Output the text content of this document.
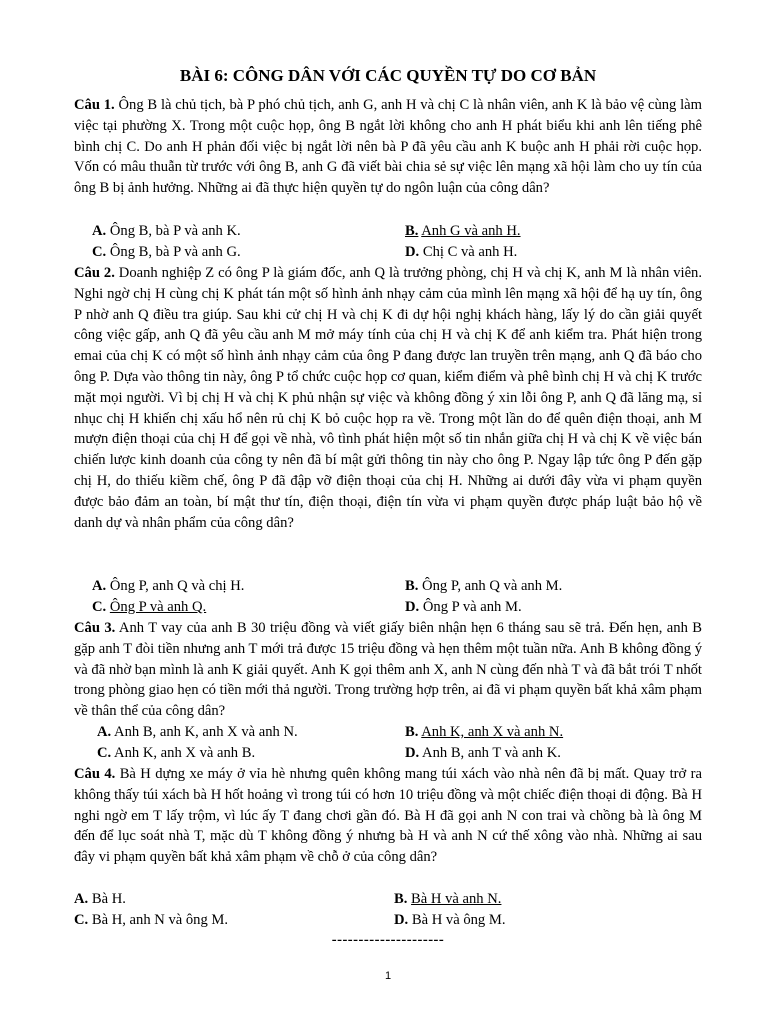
BÀI 6: CÔNG DÂN VỚI CÁC QUYỀN TỰ DO CƠ BẢN
Câu 1. Ông B là chủ tịch, bà P phó chủ tịch, anh G, anh H và chị C là nhân viên, anh K là bảo vệ cùng làm việc tại phường X. Trong một cuộc họp, ông B ngắt lời không cho anh H phát biểu khi anh lên tiếng phê bình chị C. Do anh H phản đối việc bị ngắt lời nên bà P đã yêu cầu anh K buộc anh H phải rời cuộc họp. Vốn có mâu thuẫn từ trước với ông B, anh G đã viết bài chia sẻ sự việc lên mạng xã hội làm cho uy tín của ông B bị ảnh hưởng. Những ai đã thực hiện quyền tự do ngôn luận của công dân?
A. Ông B, bà P và anh K.	B. Anh G và anh H.
C. Ông B, bà P và anh G.	D. Chị C và anh H.
Câu 2. Doanh nghiệp Z có ông P là giám đốc, anh Q là trưởng phòng, chị H và chị K, anh M là nhân viên. Nghi ngờ chị H cùng chị K phát tán một số hình ảnh nhạy cảm của mình lên mạng xã hội để hạ uy tín, ông P nhờ anh Q điều tra giúp. Sau khi cử chị H và chị K đi dự hội nghị khách hàng, lấy lý do cần giải quyết công việc gấp, anh Q đã yêu cầu anh M mở máy tính của chị H và chị K để anh kiểm tra. Phát hiện trong emai của chị K có một số hình ảnh nhạy cảm của ông P đang được lan truyền trên mạng, anh Q đã báo cho ông P. Dựa vào thông tin này, ông P tổ chức cuộc họp cơ quan, kiểm điểm và phê bình chị H và chị K trước mặt mọi người. Vì bị chị H và chị K phủ nhận sự việc và không đồng ý xin lỗi ông P, anh Q đã lăng mạ, sỉ nhục chị H khiến chị xấu hổ nên rủ chị K bỏ cuộc họp ra về. Trong một lần do để quên điện thoại, anh M mượn điện thoại của chị H để gọi về nhà, vô tình phát hiện một số tin nhắn giữa chị H và chị K về việc bán chiến lược kinh doanh của công ty nên đã bí mật gửi thông tin này cho ông P. Ngay lập tức ông P đến gặp chị H, do thiếu kiềm chế, ông P đã đập vỡ điện thoại của chị H. Những ai dưới đây vừa vi phạm quyền được bảo đảm an toàn, bí mật thư tín, điện thoại, điện tín vừa vi phạm quyền được pháp luật bảo hộ về danh dự và nhân phẩm của công dân?
A. Ông P, anh Q và chị H.	B. Ông P, anh Q và anh M.
C. Ông P và anh Q.	D. Ông P và anh M.
Câu 3. Anh T vay của anh B 30 triệu đồng và viết giấy biên nhận hẹn 6 tháng sau sẽ trả. Đến hẹn, anh B gặp anh T đòi tiền nhưng anh T mới trả được 15 triệu đồng và hẹn thêm một tuần nữa. Anh B không đồng ý và đã nhờ bạn mình là anh K giải quyết. Anh K gọi thêm anh X, anh N cùng đến nhà T và đã bắt trói T nhốt trong phòng giao hẹn có tiền mới thả người. Trong trường hợp trên, ai đã vi phạm quyền bất khả xâm phạm về thân thể của công dân?
A. Anh B, anh K, anh X và anh N.	B. Anh K, anh X và anh N.
C. Anh K, anh X và anh B.	D. Anh B, anh T và anh K.
Câu 4. Bà H dựng xe máy ở vỉa hè nhưng quên không mang túi xách vào nhà nên đã bị mất. Quay trở ra không thấy túi xách bà H hốt hoảng vì trong túi có hơn 10 triệu đồng và một chiếc điện thoại di động. Bà H nghi ngờ em T lấy trộm, vì lúc ấy T đang chơi gần đó. Bà H đã gọi anh N con trai và chồng bà là ông M đến để lục soát nhà T, mặc dù T không đồng ý nhưng bà H và anh N cứ thế xông vào nhà. Những ai sau đây vi phạm quyền bất khả xâm phạm về chỗ ở của công dân?
A. Bà H.	B. Bà H và anh N.
C. Bà H, anh N và ông M.	D. Bà H và ông M.
---------------------
1
